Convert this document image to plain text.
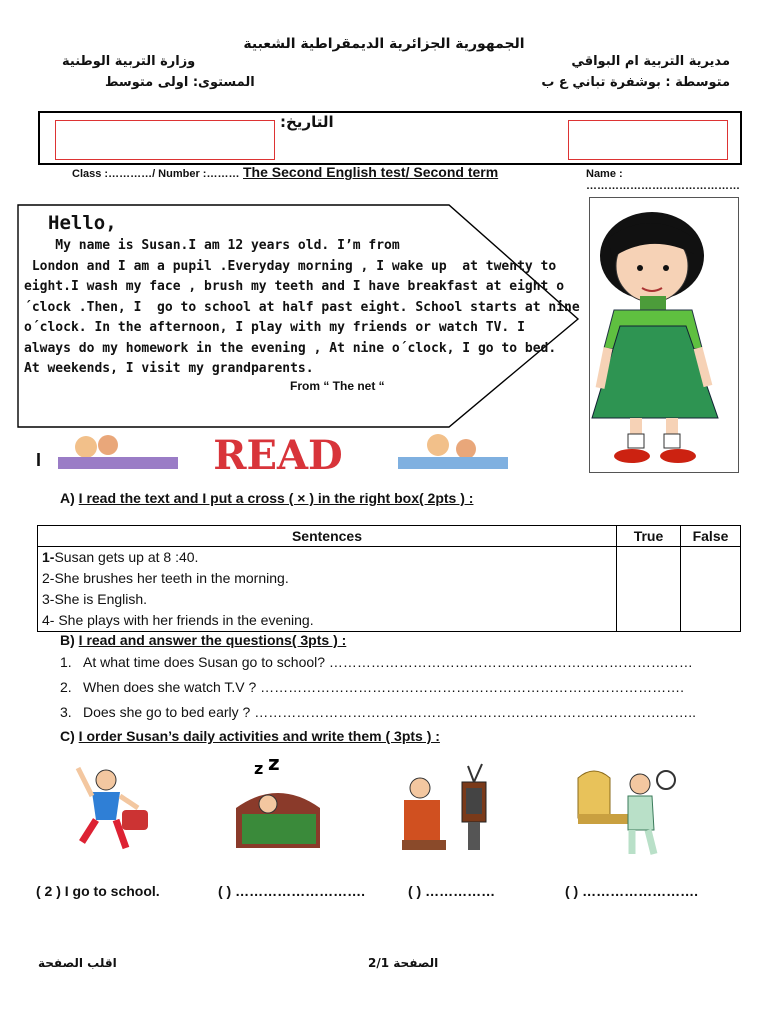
الجمهورية الجزائرية الديمقراطية الشعبية
مديرية التربية ام البواقي
متوسطة : بوشفرة تباني ع ب
وزارة التربية الوطنية
المستوى: اولى متوسط
التاريخ:
Class :…………/ Number :……… The Second English test/ Second term	Name : ……………………………………
Hello,
My name is Susan.I am 12 years old. I’m from
London and I am a pupil .Everyday morning , I wake up  at twenty to
eight.I wash my face , brush my teeth and I have breakfast at eight o
´clock .Then, I  go to school at half past eight. School starts at nine
o´clock. In the afternoon, I play with my friends or watch TV. I
always do my homework in the evening , At nine o´clock, I go to bed.
At weekends, I visit my grandparents.
From “ The net “
I	READ
A) I read the text and I put a cross ( × ) in the right box( 2pts ) :
Sentences	True	False

1-Susan gets up at 8 :40.
2-She brushes her teeth in the morning.
3-She is English.
4- She plays with her friends in the evening.		

B) I read and answer the questions( 3pts ) :
1. At what time does Susan go to school? ……………………………………………………………………
2. When does she watch T.V ? ……………………………………………………………………………….
3. Does she go to bed early ? …………………………………………………………………………………..
C) I order Susan’s daily activities and write them ( 3pts ) :
z z
( 2 ) I go to school.	( ) ……………………….	( ) ……………	( ) …………………….
اقلب الصفحة	الصفحة 2/1
